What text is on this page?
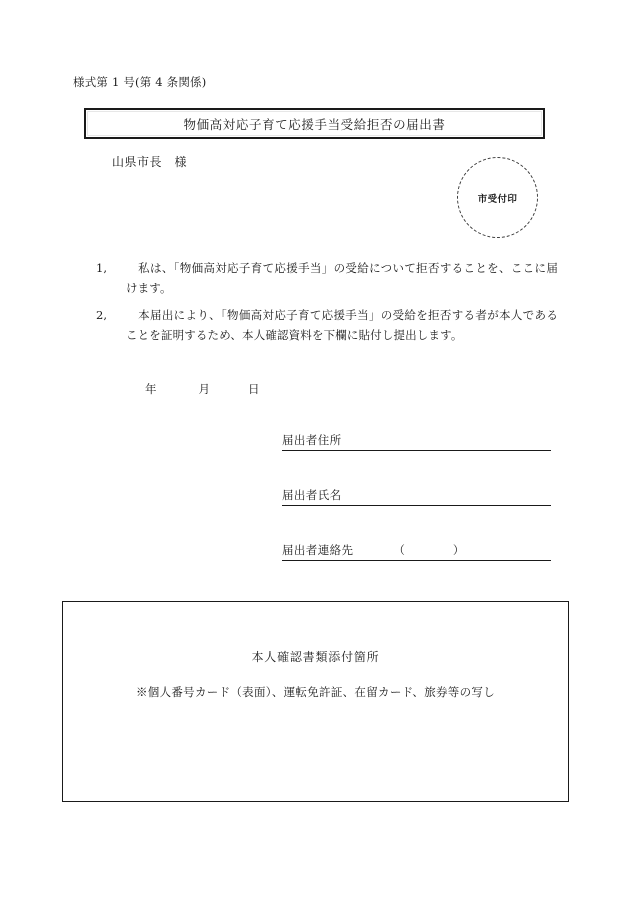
様式第 1 号(第 4 条関係)
物価高対応子育て応援手当受給拒否の届出書
山県市長　様
市受付印
1,	私は、「物価高対応子育て応援手当」の受給について拒否することを、ここに届けます。
2,	本届出により、「物価高対応子育て応援手当」の受給を拒否する者が本人であることを証明するため、本人確認資料を下欄に貼付し提出します。
年	月	日
届出者住所
届出者氏名
届出者連絡先	（　　　　）
本人確認書類添付箇所
※個人番号カード（表面）、運転免許証、在留カード、旅券等の写し
